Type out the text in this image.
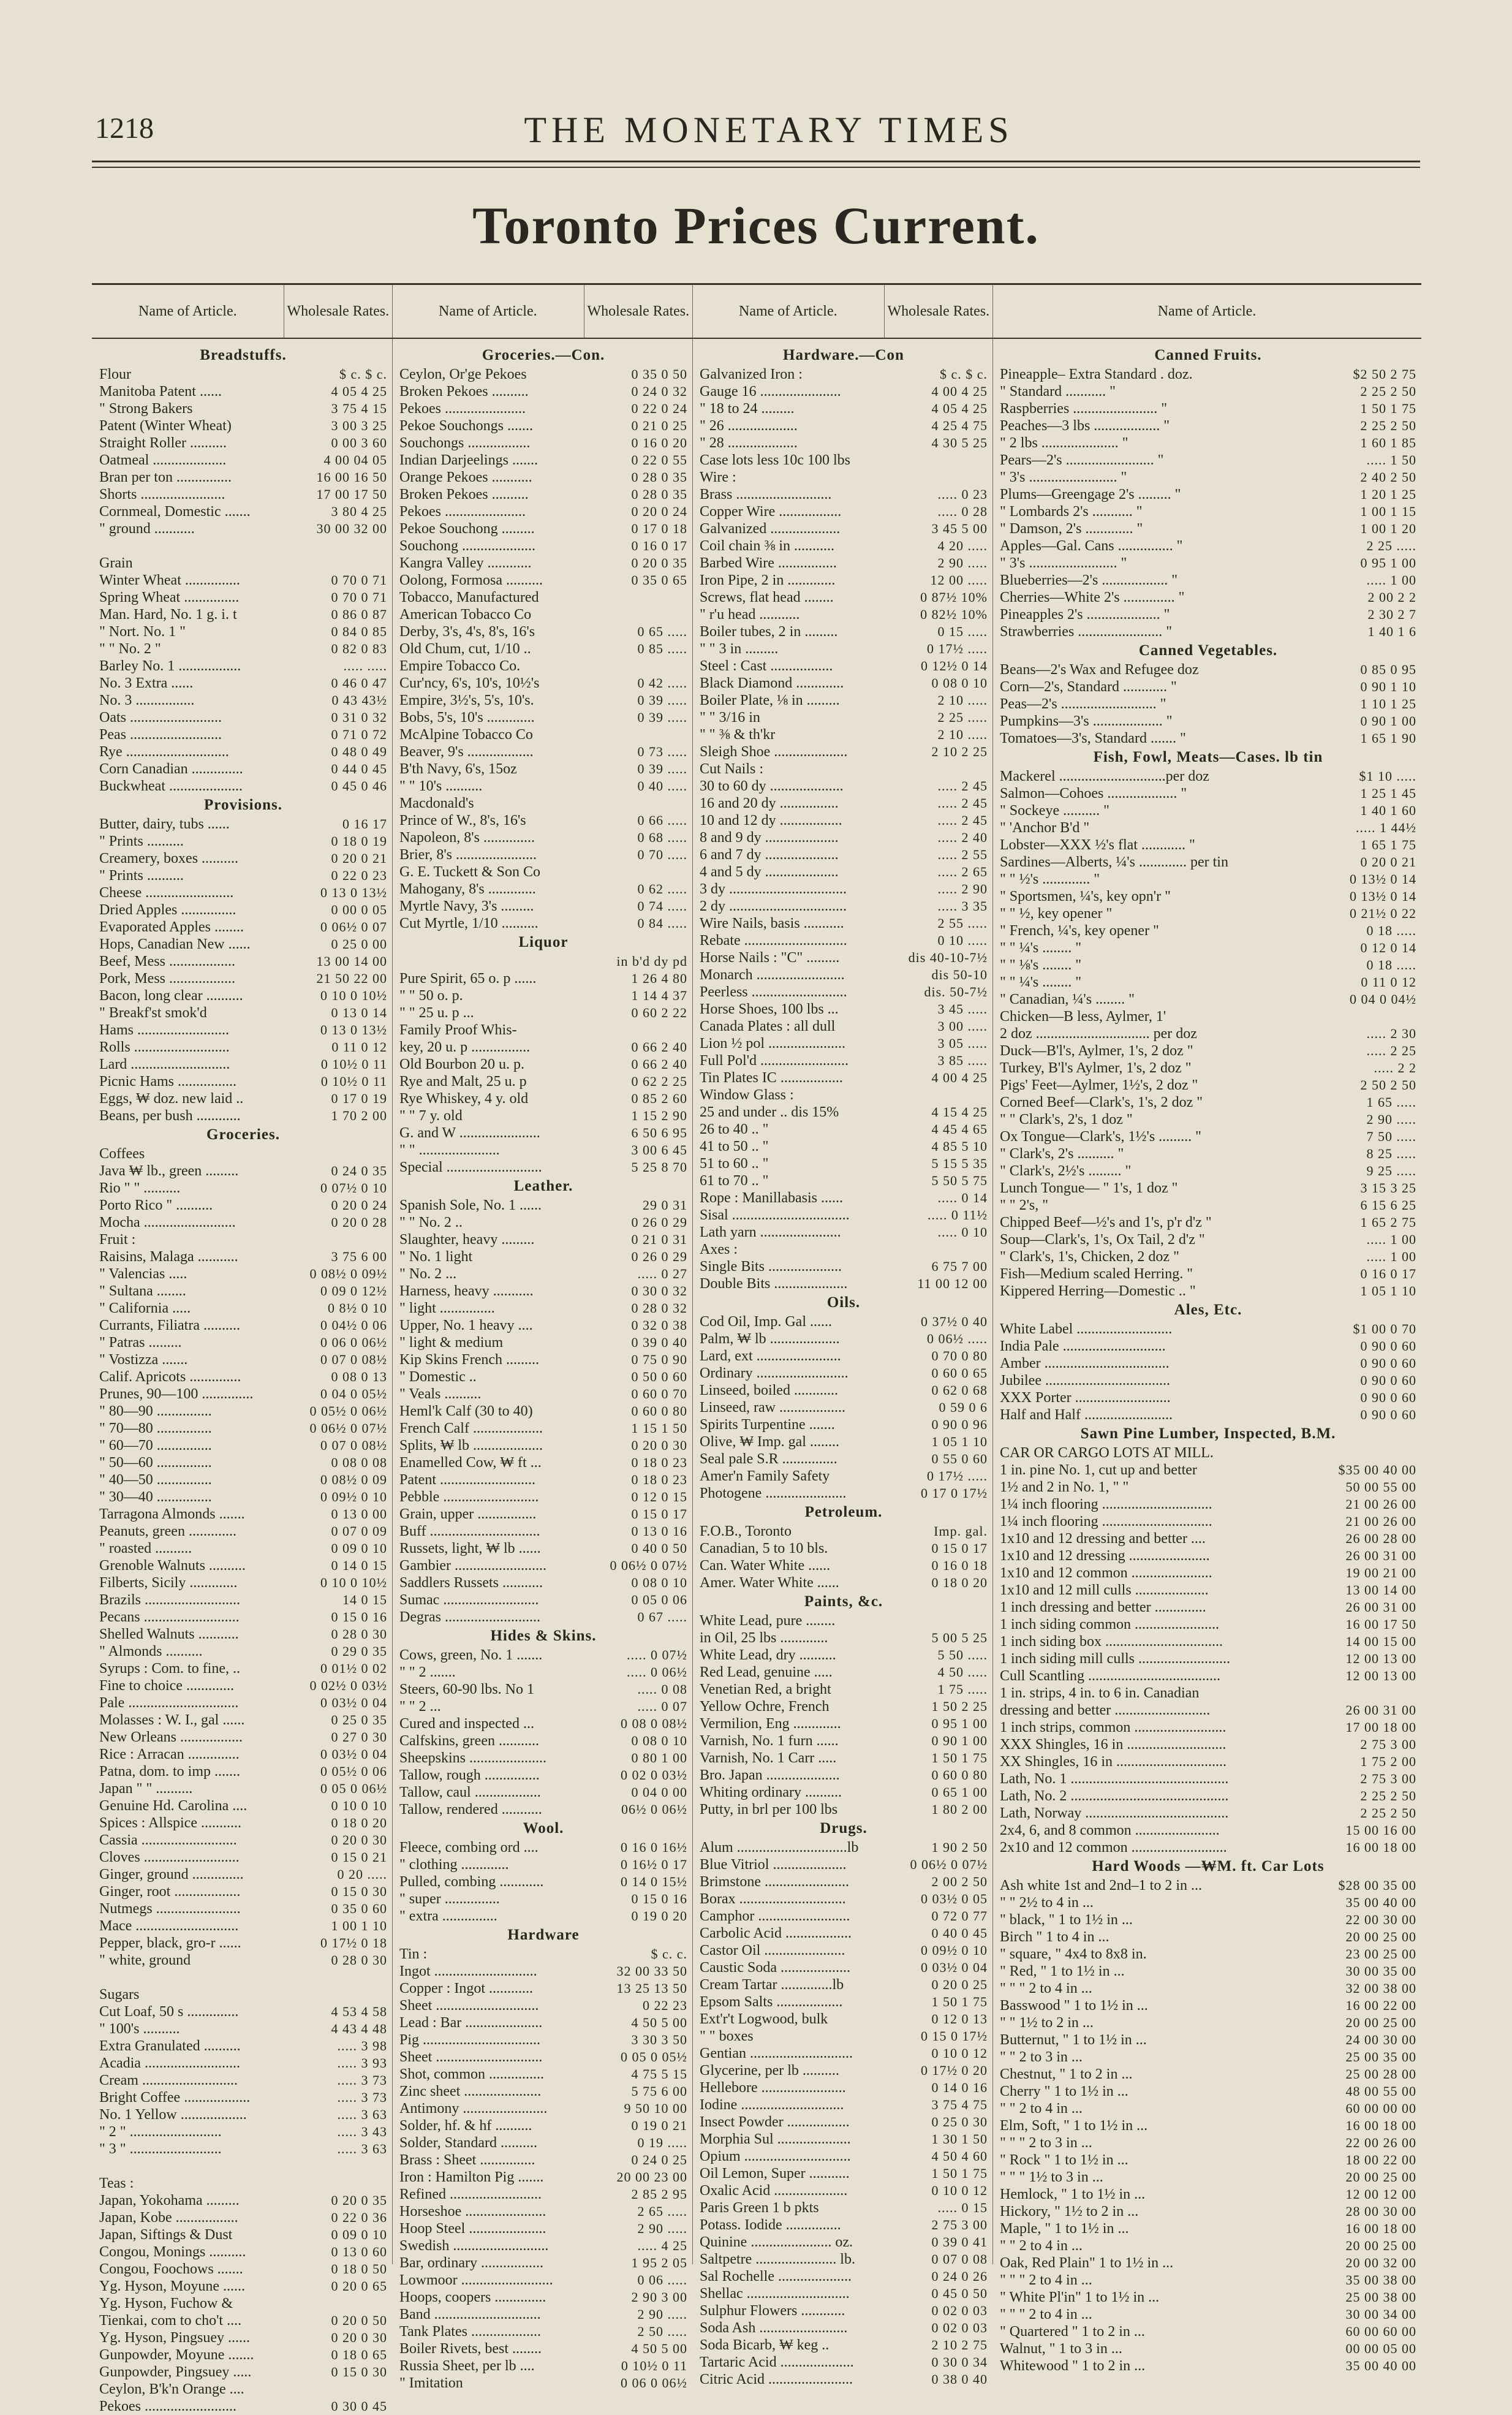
1218	THE MONETARY TIMES
Toronto Prices Current.
Name of Article.	Wholesale Rates.
Breadstuffs.
Flour	$ c. $ c.
Manitoba Patent ......	4 05 4 25
" Strong Bakers	3 75 4 15
Patent (Winter Wheat)	3 00 3 25
Straight Roller ..........	0 00 3 60
Oatmeal ....................	4 00 04 05
Bran per ton ...............	16 00 16 50
Shorts .......................	17 00 17 50
Cornmeal, Domestic .......	3 80 4 25
" ground ...........	30 00 32 00
Grain
Winter Wheat ...............	0 70 0 71
Spring Wheat ...............	0 70 0 71
Man. Hard, No. 1 g. i. t	0 86 0 87
" Nort. No. 1 "	0 84 0 85
" " No. 2 "	0 82 0 83
Barley No. 1 .................	..... .....
No. 3 Extra ......	0 46 0 47
No. 3 ................	0 43 43½
Oats .........................	0 31 0 32
Peas .........................	0 71 0 72
Rye ............................	0 48 0 49
Corn Canadian ..............	0 44 0 45
Buckwheat ....................	0 45 0 46
Provisions.
Butter, dairy, tubs ......	0 16 17
" Prints ..........	0 18 0 19
Creamery, boxes ..........	0 20 0 21
" Prints ..........	0 22 0 23
Cheese ........................	0 13 0 13½
Dried Apples ...............	0 00 0 05
Evaporated Apples ........	0 06½ 0 07
Hops, Canadian New ......	0 25 0 00
Beef, Mess ..................	13 00 14 00
Pork, Mess ..................	21 50 22 00
Bacon, long clear ..........	0 10 0 10½
" Breakf'st smok'd	0 13 0 14
Hams .........................	0 13 0 13½
Rolls ..........................	0 11 0 12
Lard ...........................	0 10½ 0 11
Picnic Hams ................	0 10½ 0 11
Eggs, ₩ doz. new laid ..	0 17 0 19
Beans, per bush ............	1 70 2 00
Groceries.
Coffees
Java ₩ lb., green .........	0 24 0 35
Rio " " ..........	0 07½ 0 10
Porto Rico " ..........	0 20 0 24
Mocha .........................	0 20 0 28
Fruit :
Raisins, Malaga ...........	3 75 6 00
" Valencias .....	0 08½ 0 09½
" Sultana ........	0 09 0 12½
" California .....	0 8½ 0 10
Currants, Filiatra ..........	0 04½ 0 06
" Patras .........	0 06 0 06½
" Vostizza .......	0 07 0 08½
Calif. Apricots ..............	0 08 0 13
Prunes, 90—100 ..............	0 04 0 05½
" 80—90 ...............	0 05½ 0 06½
" 70—80 ...............	0 06½ 0 07½
" 60—70 ...............	0 07 0 08½
" 50—60 ...............	0 08 0 08
" 40—50 ...............	0 08½ 0 09
" 30—40 ...............	0 09½ 0 10
Tarragona Almonds .......	0 13 0 00
Peanuts, green .............	0 07 0 09
" roasted ..........	0 09 0 10
Grenoble Walnuts ..........	0 14 0 15
Filberts, Sicily .............	0 10 0 10½
Brazils ..........................	14 0 15
Pecans ..........................	0 15 0 16
Shelled Walnuts ...........	0 28 0 30
" Almonds ..........	0 29 0 35
Syrups : Com. to fine, ..	0 01½ 0 02
Fine to choice .............	0 02½ 0 03½
Pale ..............................	0 03½ 0 04
Molasses : W. I., gal ......	0 25 0 35
New Orleans .................	0 27 0 30
Rice : Arracan ..............	0 03½ 0 04
Patna, dom. to imp .......	0 05½ 0 06
Japan " " ..........	0 05 0 06½
Genuine Hd. Carolina ....	0 10 0 10
Spices : Allspice ...........	0 18 0 20
Cassia ..........................	0 20 0 30
Cloves ..........................	0 15 0 21
Ginger, ground ..............	0 20 .....
Ginger, root ..................	0 15 0 30
Nutmegs .......................	0 35 0 60
Mace ............................	1 00 1 10
Pepper, black, gro-r ......	0 17½ 0 18
" white, ground	0 28 0 30
Sugars
Cut Loaf, 50 s ..............	4 53 4 58
" 100's ..........	4 43 4 48
Extra Granulated ..........	..... 3 98
Acadia ..........................	..... 3 93
Cream ..........................	..... 3 73
Bright Coffee ..................	..... 3 73
No. 1 Yellow ..................	..... 3 63
" 2 " .........................	..... 3 43
" 3 " .........................	..... 3 63
Teas :
Japan, Yokohama .........	0 20 0 35
Japan, Kobe .................	0 22 0 36
Japan, Siftings & Dust	0 09 0 10
Congou, Monings ..........	0 13 0 60
Congou, Foochows .......	0 18 0 50
Yg. Hyson, Moyune ......	0 20 0 65
Yg. Hyson, Fuchow &
Tienkai, com to cho't ....	0 20 0 50
Yg. Hyson, Pingsuey ......	0 20 0 30
Gunpowder, Moyune .......	0 18 0 65
Gunpowder, Pingsuey .....	0 15 0 30
Ceylon, B'k'n Orange ....
Pekoes .........................	0 30 0 45
Name of Article.	Wholesale Rates.
Groceries.—Con.
Ceylon, Or'ge Pekoes	0 35 0 50
Broken Pekoes ..........	0 24 0 32
Pekoes ......................	0 22 0 24
Pekoe Souchongs .......	0 21 0 25
Souchongs .................	0 16 0 20
Indian Darjeelings .......	0 22 0 55
Orange Pekoes ...........	0 28 0 35
Broken Pekoes ..........	0 28 0 35
Pekoes ......................	0 20 0 24
Pekoe Souchong .........	0 17 0 18
Souchong ....................	0 16 0 17
Kangra Valley ............	0 20 0 35
Oolong, Formosa ..........	0 35 0 65
Tobacco, Manufactured
American Tobacco Co
Derby, 3's, 4's, 8's, 16's	0 65 .....
Old Chum, cut, 1/10 ..	0 85 .....
Empire Tobacco Co.
Cur'ncy, 6's, 10's, 10½'s	0 42 .....
Empire, 3½'s, 5's, 10's.	0 39 .....
Bobs, 5's, 10's .............	0 39 .....
McAlpine Tobacco Co
Beaver, 9's ..................	0 73 .....
B'th Navy, 6's, 15oz	0 39 .....
" " 10's ..........	0 40 .....
Macdonald's
Prince of W., 8's, 16's	0 66 .....
Napoleon, 8's ..............	0 68 .....
Brier, 8's ......................	0 70 .....
G. E. Tuckett & Son Co
Mahogany, 8's .............	0 62 .....
Myrtle Navy, 3's .........	0 74 .....
Cut Myrtle, 1/10 ..........	0 84 .....
Liquor
in b'd dy pd
Pure Spirit, 65 o. p ......	1 26 4 80
" " 50 o. p.	1 14 4 37
" " 25 u. p ...	0 60 2 22
Family Proof Whis-
key, 20 u. p ................	0 66 2 40
Old Bourbon 20 u. p.	0 66 2 40
Rye and Malt, 25 u. p	0 62 2 25
Rye Whiskey, 4 y. old	0 85 2 60
" " 7 y. old	1 15 2 90
G. and W ......................	6 50 6 95
" " ......................	3 00 6 45
Special ..........................	5 25 8 70
Leather.
Spanish Sole, No. 1 ......	29 0 31
" " No. 2 ..	0 26 0 29
Slaughter, heavy .........	0 21 0 31
" No. 1 light	0 26 0 29
" No. 2 ...	..... 0 27
Harness, heavy ...........	0 30 0 32
" light ...............	0 28 0 32
Upper, No. 1 heavy ....	0 32 0 38
" light & medium	0 39 0 40
Kip Skins French .........	0 75 0 90
" Domestic ..	0 50 0 60
" Veals ..........	0 60 0 70
Heml'k Calf (30 to 40)	0 60 0 80
French Calf ...................	1 15 1 50
Splits, ₩ lb ...................	0 20 0 30
Enamelled Cow, ₩ ft ...	0 18 0 23
Patent ..........................	0 18 0 23
Pebble ..........................	0 12 0 15
Grain, upper ................	0 15 0 17
Buff ..............................	0 13 0 16
Russets, light, ₩ lb ......	0 40 0 50
Gambier .........................	0 06½ 0 07½
Saddlers Russets ...........	0 08 0 10
Sumac ..........................	0 05 0 06
Degras ..........................	0 67 .....
Hides & Skins.
Cows, green, No. 1 .......	..... 0 07½
" " 2 .......	..... 0 06½
Steers, 60-90 lbs. No 1	..... 0 08
" " 2 ...	..... 0 07
Cured and inspected ...	0 08 0 08½
Calfskins, green ...........	0 08 0 10
Sheepskins .....................	0 80 1 00
Tallow, rough ...............	0 02 0 03½
Tallow, caul ..................	0 04 0 00
Tallow, rendered ...........	06½ 0 06½
Wool.
Fleece, combing ord ....	0 16 0 16½
" clothing .............	0 16½ 0 17
Pulled, combing ............	0 14 0 15½
" super ...............	0 15 0 16
" extra ...............	0 19 0 20
Hardware
Tin :	$ c. c.
Ingot ............................	32 00 33 50
Copper : Ingot ............	13 25 13 50
Sheet ............................	0 22 23
Lead : Bar .....................	4 50 5 00
Pig ................................	3 30 3 50
Sheet .............................	0 05 0 05½
Shot, common ...............	4 75 5 15
Zinc sheet .....................	5 75 6 00
Antimony .......................	9 50 10 00
Solder, hf. & hf ..........	0 19 0 21
Solder, Standard ..........	0 19 .....
Brass : Sheet ...............	0 24 0 25
Iron : Hamilton Pig .......	20 00 23 00
Refined .........................	2 85 2 95
Horseshoe ......................	2 65 .....
Hoop Steel .....................	2 90 .....
Swedish ..........................	..... 4 25
Bar, ordinary .................	1 95 2 05
Lowmoor .........................	0 06 .....
Hoops, coopers ..............	2 90 3 00
Band .............................	2 90 .....
Tank Plates ...................	2 50 .....
Boiler Rivets, best ........	4 50 5 00
Russia Sheet, per lb ....	0 10½ 0 11
" Imitation	0 06 0 06½
Name of Article.	Wholesale Rates.
Hardware.—Con
Galvanized Iron :	$ c. $ c.
Gauge 16 ......................	4 00 4 25
" 18 to 24 .........	4 05 4 25
" 26 ...................	4 25 4 75
" 28 ...................	4 30 5 25
Case lots less 10c 100 lbs
Wire :
Brass ..........................	..... 0 23
Copper Wire .................	..... 0 28
Galvanized ...................	3 45 5 00
Coil chain ⅜ in ...........	4 20 .....
Barbed Wire ................	2 90 .....
Iron Pipe, 2 in .............	12 00 .....
Screws, flat head ........	0 87½ 10%
" r'u head ...........	0 82½ 10%
Boiler tubes, 2 in .........	0 15 .....
" " 3 in .........	0 17½ .....
Steel : Cast .................	0 12½ 0 14
Black Diamond .............	0 08 0 10
Boiler Plate, ⅛ in .........	2 10 .....
" " 3/16 in	2 25 .....
" " ⅜ & th'kr	2 10 .....
Sleigh Shoe ....................	2 10 2 25
Cut Nails :
30 to 60 dy ....................	..... 2 45
16 and 20 dy ................	..... 2 45
10 and 12 dy .................	..... 2 45
8 and 9 dy ....................	..... 2 40
6 and 7 dy ....................	..... 2 55
4 and 5 dy ....................	..... 2 65
3 dy ................................	..... 2 90
2 dy ................................	..... 3 35
Wire Nails, basis ...........	2 55 .....
Rebate ............................	0 10 .....
Horse Nails : "C" .........	dis 40-10-7½
Monarch ........................	dis 50-10
Peerless ..........................	dis. 50-7½
Horse Shoes, 100 lbs ...	3 45 .....
Canada Plates : all dull	3 00 .....
Lion ½ pol .....................	3 05 .....
Full Pol'd ........................	3 85 .....
Tin Plates IC .................	4 00 4 25
Window Glass :
25 and under .. dis 15%	4 15 4 25
26 to 40 .. "	4 45 4 65
41 to 50 .. "	4 85 5 10
51 to 60 .. "	5 15 5 35
61 to 70 .. "	5 50 5 75
Rope : Manillabasis ......	..... 0 14
Sisal ................................	..... 0 11½
Lath yarn ......................	..... 0 10
Axes :
Single Bits ....................	6 75 7 00
Double Bits ....................	11 00 12 00
Oils.
Cod Oil, Imp. Gal ......	0 37½ 0 40
Palm, ₩ lb ...................	0 06½ .....
Lard, ext .......................	0 70 0 80
Ordinary .........................	0 60 0 65
Linseed, boiled ............	0 62 0 68
Linseed, raw ..................	0 59 0 6
Spirits Turpentine .......	0 90 0 96
Olive, ₩ Imp. gal ........	1 05 1 10
Seal pale S.R ...............	0 55 0 60
Amer'n Family Safety	0 17½ .....
Photogene ......................	0 17 0 17½
Petroleum.
F.O.B., Toronto	Imp. gal.
Canadian, 5 to 10 bls.	0 15 0 17
Can. Water White ......	0 16 0 18
Amer. Water White ......	0 18 0 20
Paints, &c.
White Lead, pure ........
in Oil, 25 lbs .............	5 00 5 25
White Lead, dry ..........	5 50 .....
Red Lead, genuine .....	4 50 .....
Venetian Red, a bright	1 75 .....
Yellow Ochre, French	1 50 2 25
Vermilion, Eng .............	0 95 1 00
Varnish, No. 1 furn ......	0 90 1 00
Varnish, No. 1 Carr .....	1 50 1 75
Bro. Japan ....................	0 60 0 80
Whiting ordinary ..........	0 65 1 00
Putty, in brl per 100 lbs	1 80 2 00
Drugs.
Alum ..............................lb	1 90 2 50
Blue Vitriol ....................	0 06½ 0 07½
Brimstone .......................	2 00 2 50
Borax .............................	0 03½ 0 05
Camphor .........................	0 72 0 77
Carbolic Acid ..................	0 40 0 45
Castor Oil ......................	0 09½ 0 10
Caustic Soda ...................	0 03½ 0 04
Cream Tartar ..............lb	0 20 0 25
Epsom Salts ..................	1 50 1 75
Ext'r't Logwood, bulk	0 12 0 13
" " boxes	0 15 0 17½
Gentian ............................	0 10 0 12
Glycerine, per lb ..........	0 17½ 0 20
Hellebore .......................	0 14 0 16
Iodine ............................	3 75 4 75
Insect Powder .................	0 25 0 30
Morphia Sul ....................	1 30 1 50
Opium .............................	4 50 4 60
Oil Lemon, Super ...........	1 50 1 75
Oxalic Acid ....................	0 10 0 12
Paris Green 1 b pkts	..... 0 15
Potass. Iodide ...............	2 75 3 00
Quinine ...................... oz.	0 39 0 41
Saltpetre ...................... lb.	0 07 0 08
Sal Rochelle ....................	0 24 0 26
Shellac ............................	0 45 0 50
Sulphur Flowers ............	0 02 0 03
Soda Ash ........................	0 02 0 03
Soda Bicarb, ₩ keg ..	2 10 2 75
Tartaric Acid ....................	0 30 0 34
Citric Acid .......................	0 38 0 40
Name of Article.
Canned Fruits.
Pineapple– Extra Standard . doz.	$2 50 2 75
" Standard ........... "	2 25 2 50
Raspberries ....................... "	1 50 1 75
Peaches—3 lbs .................. "	2 25 2 50
" 2 lbs ..................... "	1 60 1 85
Pears—2's ........................ "	..... 1 50
" 3's ........................ "	2 40 2 50
Plums—Greengage 2's ......... "	1 20 1 25
" Lombards 2's ........... "	1 00 1 15
" Damson, 2's ............. "	1 00 1 20
Apples—Gal. Cans ............... "	2 25 .....
" 3's ........................ "	0 95 1 00
Blueberries—2's .................. "	..... 1 00
Cherries—White 2's .............. "	2 00 2 2
Pineapples 2's .................... "	2 30 2 7
Strawberries ....................... "	1 40 1 6
Canned Vegetables.
Beans—2's Wax and Refugee doz	0 85 0 95
Corn—2's, Standard ............ "	0 90 1 10
Peas—2's .......................... "	1 10 1 25
Pumpkins—3's ................... "	0 90 1 00
Tomatoes—3's, Standard ....... "	1 65 1 90
Fish, Fowl, Meats—Cases. lb tin
Mackerel .............................per doz	$1 10 .....
Salmon—Cohoes ................... "	1 25 1 45
" Sockeye .......... "	1 40 1 60
" 'Anchor B'd "	..... 1 44½
Lobster—XXX ½'s flat ............ "	1 65 1 75
Sardines—Alberts, ¼'s ............. per tin	0 20 0 21
" " ½'s ............. "	0 13½ 0 14
" Sportsmen, ¼'s, key opn'r "	0 13½ 0 14
" " ½, key opener "	0 21½ 0 22
" French, ¼'s, key opener "	0 18 .....
" " ¼'s ........ "	0 12 0 14
" " ⅛'s ........ "	0 18 .....
" " ¼'s ........ "	0 11 0 12
" Canadian, ¼'s ........ "	0 04 0 04½
Chicken—B less, Aylmer, 1'
2 doz ............................... per doz	..... 2 30
Duck—B'l's, Aylmer, 1's, 2 doz "	..... 2 25
Turkey, B'l's Aylmer, 1's, 2 doz "	..... 2 2
Pigs' Feet—Aylmer, 1½'s, 2 doz "	2 50 2 50
Corned Beef—Clark's, 1's, 2 doz "	1 65 .....
" " Clark's, 2's, 1 doz "	2 90 .....
Ox Tongue—Clark's, 1½'s ......... "	7 50 .....
" Clark's, 2's .......... "	8 25 .....
" Clark's, 2½'s ......... "	9 25 .....
Lunch Tongue— " 1's, 1 doz "	3 15 3 25
" " 2's, "	6 15 6 25
Chipped Beef—½'s and 1's, p'r d'z "	1 65 2 75
Soup—Clark's, 1's, Ox Tail, 2 d'z "	..... 1 00
" Clark's, 1's, Chicken, 2 doz "	..... 1 00
Fish—Medium scaled Herring. "	0 16 0 17
Kippered Herring—Domestic .. "	1 05 1 10
Ales, Etc.
White Label ..........................	$1 00 0 70
India Pale ............................	0 90 0 60
Amber ..................................	0 90 0 60
Jubilee ..................................	0 90 0 60
XXX Porter ..........................	0 90 0 60
Half and Half ........................	0 90 0 60
Sawn Pine Lumber, Inspected, B.M.
CAR OR CARGO LOTS AT MILL.
1 in. pine No. 1, cut up and better	$35 00 40 00
1½ and 2 in No. 1, " "	50 00 55 00
1¼ inch flooring ..............................	21 00 26 00
1¼ inch flooring ..............................	21 00 26 00
1x10 and 12 dressing and better ....	26 00 28 00
1x10 and 12 dressing ......................	26 00 31 00
1x10 and 12 common ......................	19 00 21 00
1x10 and 12 mill culls ....................	13 00 14 00
1 inch dressing and better ..............	26 00 31 00
1 inch siding common .......................	16 00 17 50
1 inch siding box ................................	14 00 15 00
1 inch siding mill culls .........................	12 00 13 00
Cull Scantling ....................................	12 00 13 00
1 in. strips, 4 in. to 6 in. Canadian
dressing and better ..........................	26 00 31 00
1 inch strips, common .........................	17 00 18 00
XXX Shingles, 16 in ...........................	2 75 3 00
XX Shingles, 16 in ..............................	1 75 2 00
Lath, No. 1 ...........................................	2 75 3 00
Lath, No. 2 ...........................................	2 25 2 50
Lath, Norway .......................................	2 25 2 50
2x4, 6, and 8 common .......................	15 00 16 00
2x10 and 12 common ..........................	16 00 18 00
Hard Woods —₩M. ft. Car Lots
Ash white 1st and 2nd–1 to 2 in ...	$28 00 35 00
" " 2½ to 4 in ...	35 00 40 00
" black, " 1 to 1½ in ...	22 00 30 00
Birch " 1 to 4 in ...	20 00 25 00
" square, " 4x4 to 8x8 in.	23 00 25 00
" Red, " 1 to 1½ in ...	30 00 35 00
" " " 2 to 4 in ...	32 00 38 00
Basswood " 1 to 1½ in ...	16 00 22 00
" " 1½ to 2 in ...	20 00 25 00
Butternut, " 1 to 1½ in ...	24 00 30 00
" " 2 to 3 in ...	25 00 35 00
Chestnut, " 1 to 2 in ...	25 00 28 00
Cherry " 1 to 1½ in ...	48 00 55 00
" " 2 to 4 in ...	60 00 00 00
Elm, Soft, " 1 to 1½ in ...	16 00 18 00
" " " 2 to 3 in ...	22 00 26 00
" Rock " 1 to 1½ in ...	18 00 22 00
" " " 1½ to 3 in ...	20 00 25 00
Hemlock, " 1 to 1½ in ...	12 00 12 00
Hickory, " 1½ to 2 in ...	28 00 30 00
Maple, " 1 to 1½ in ...	16 00 18 00
" " 2 to 4 in ...	20 00 25 00
Oak, Red Plain" 1 to 1½ in ...	20 00 32 00
" " " 2 to 4 in ...	35 00 38 00
" White Pl'in" 1 to 1½ in ...	25 00 38 00
" " " 2 to 4 in ...	30 00 34 00
" Quartered " 1 to 2 in ...	60 00 60 00
Walnut, " 1 to 3 in ...	00 00 05 00
Whitewood " 1 to 2 in ...	35 00 40 00
